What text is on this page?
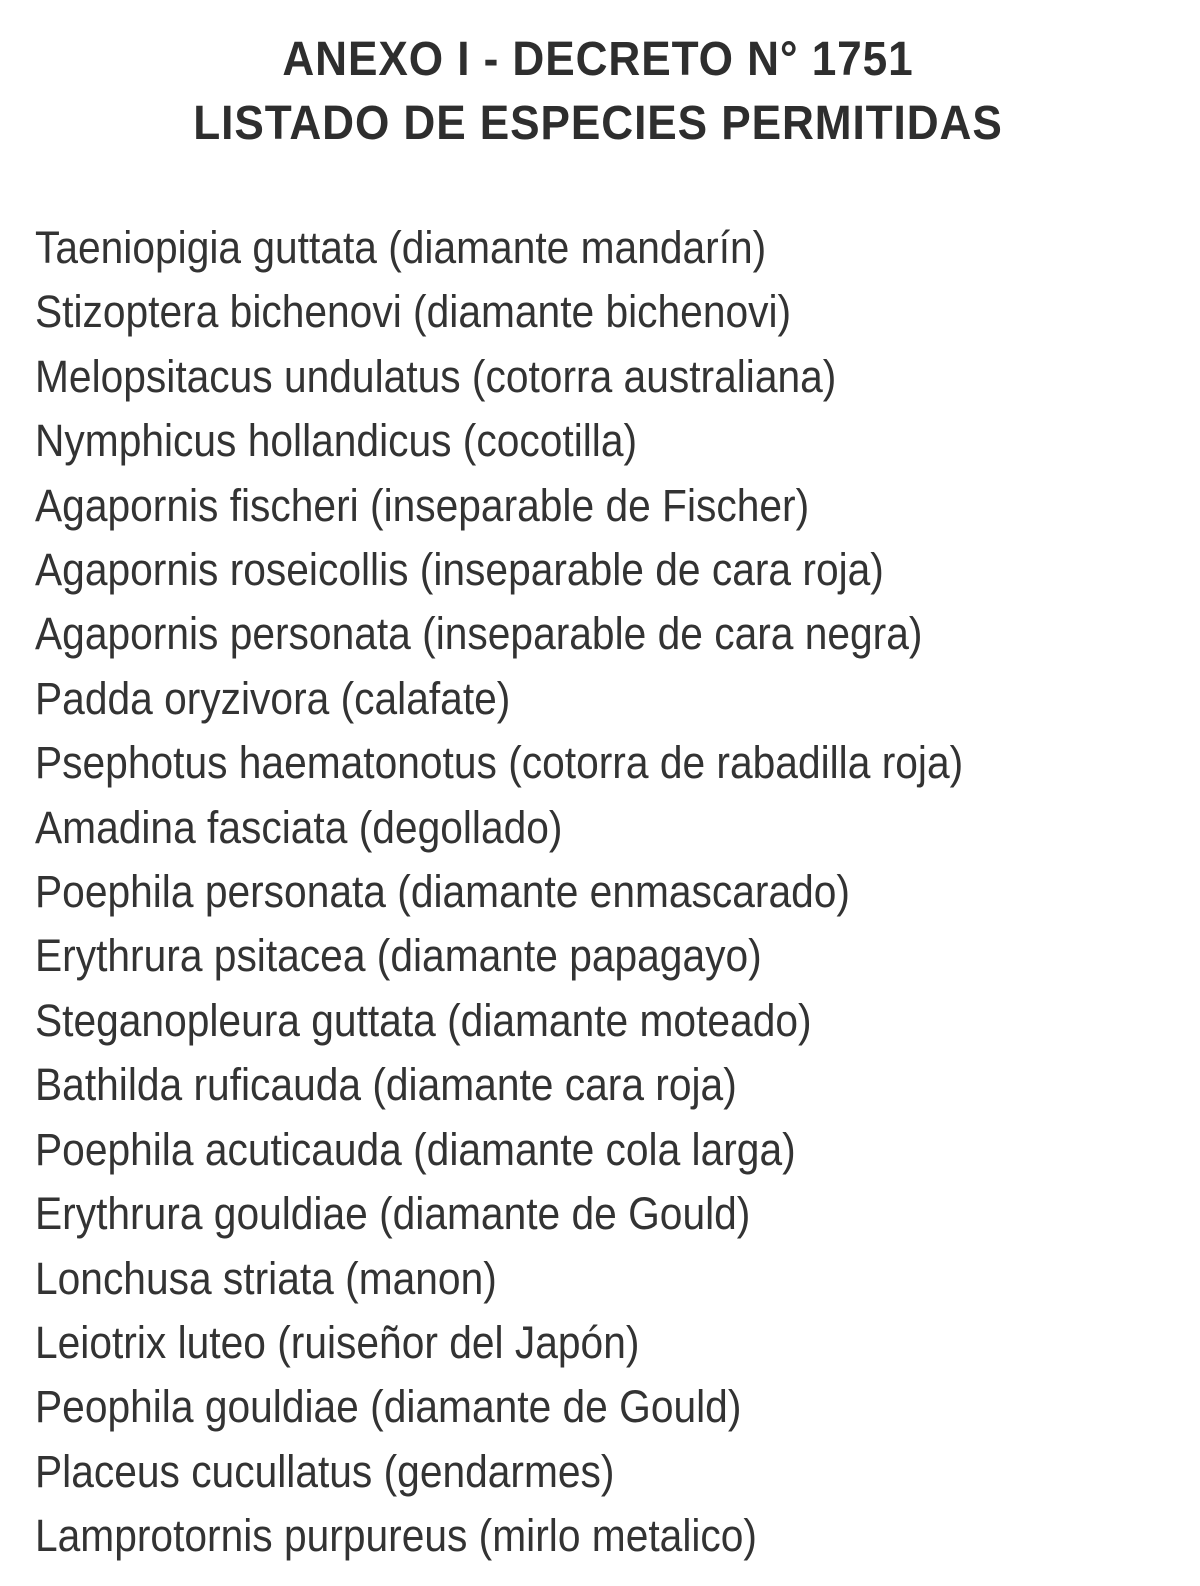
ANEXO I - DECRETO N° 1751
LISTADO DE ESPECIES PERMITIDAS
Taeniopigia guttata (diamante mandarín)
Stizoptera bichenovi (diamante bichenovi)
Melopsitacus undulatus (cotorra australiana)
Nymphicus hollandicus (cocotilla)
Agapornis fischeri (inseparable de Fischer)
Agapornis roseicollis (inseparable de cara roja)
Agapornis personata (inseparable de cara negra)
Padda oryzivora (calafate)
Psephotus haematonotus (cotorra de rabadilla roja)
Amadina fasciata (degollado)
Poephila personata (diamante enmascarado)
Erythrura psitacea (diamante papagayo)
Steganopleura guttata (diamante moteado)
Bathilda ruficauda (diamante cara roja)
Poephila acuticauda (diamante cola larga)
Erythrura gouldiae (diamante de Gould)
Lonchusa striata (manon)
Leiotrix luteo (ruiseñor del Japón)
Peophila gouldiae (diamante de Gould)
Placeus cucullatus (gendarmes)
Lamprotornis purpureus (mirlo metalico)
